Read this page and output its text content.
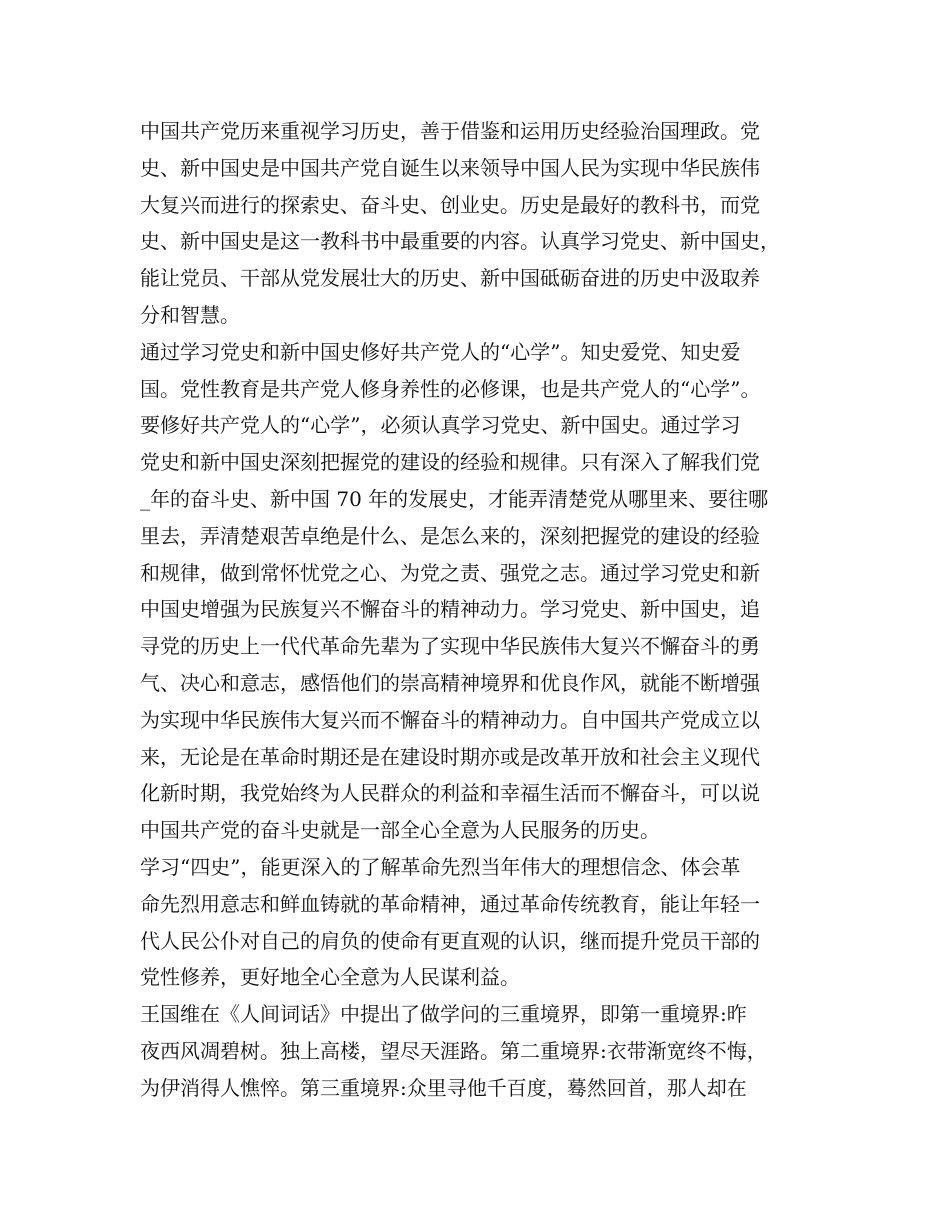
中国共产党历来重视学习历史，善于借鉴和运用历史经验治国理政。党
史、新中国史是中国共产党自诞生以来领导中国人民为实现中华民族伟
大复兴而进行的探索史、奋斗史、创业史。历史是最好的教科书，而党
史、新中国史是这一教科书中最重要的内容。认真学习党史、新中国史，
能让党员、干部从党发展壮大的历史、新中国砥砺奋进的历史中汲取养
分和智慧。
通过学习党史和新中国史修好共产党人的“心学”。知史爱党、知史爱
国。党性教育是共产党人修身养性的必修课，也是共产党人的“心学”。
要修好共产党人的“心学”，必须认真学习党史、新中国史。通过学习
党史和新中国史深刻把握党的建设的经验和规律。只有深入了解我们党
_年的奋斗史、新中国 70 年的发展史，才能弄清楚党从哪里来、要往哪
里去，弄清楚艰苦卓绝是什么、是怎么来的，深刻把握党的建设的经验
和规律，做到常怀忧党之心、为党之责、强党之志。通过学习党史和新
中国史增强为民族复兴不懈奋斗的精神动力。学习党史、新中国史，追
寻党的历史上一代代革命先辈为了实现中华民族伟大复兴不懈奋斗的勇
气、决心和意志，感悟他们的崇高精神境界和优良作风，就能不断增强
为实现中华民族伟大复兴而不懈奋斗的精神动力。自中国共产党成立以
来，无论是在革命时期还是在建设时期亦或是改革开放和社会主义现代
化新时期，我党始终为人民群众的利益和幸福生活而不懈奋斗，可以说
中国共产党的奋斗史就是一部全心全意为人民服务的历史。
学习“四史”，能更深入的了解革命先烈当年伟大的理想信念、体会革
命先烈用意志和鲜血铸就的革命精神，通过革命传统教育，能让年轻一
代人民公仆对自己的肩负的使命有更直观的认识，继而提升党员干部的
党性修养，更好地全心全意为人民谋利益。
王国维在《人间词话》中提出了做学问的三重境界，即第一重境界:昨
夜西风凋碧树。独上高楼，望尽天涯路。第二重境界:衣带渐宽终不悔，
为伊消得人憔悴。第三重境界:众里寻他千百度，蓦然回首，那人却在
